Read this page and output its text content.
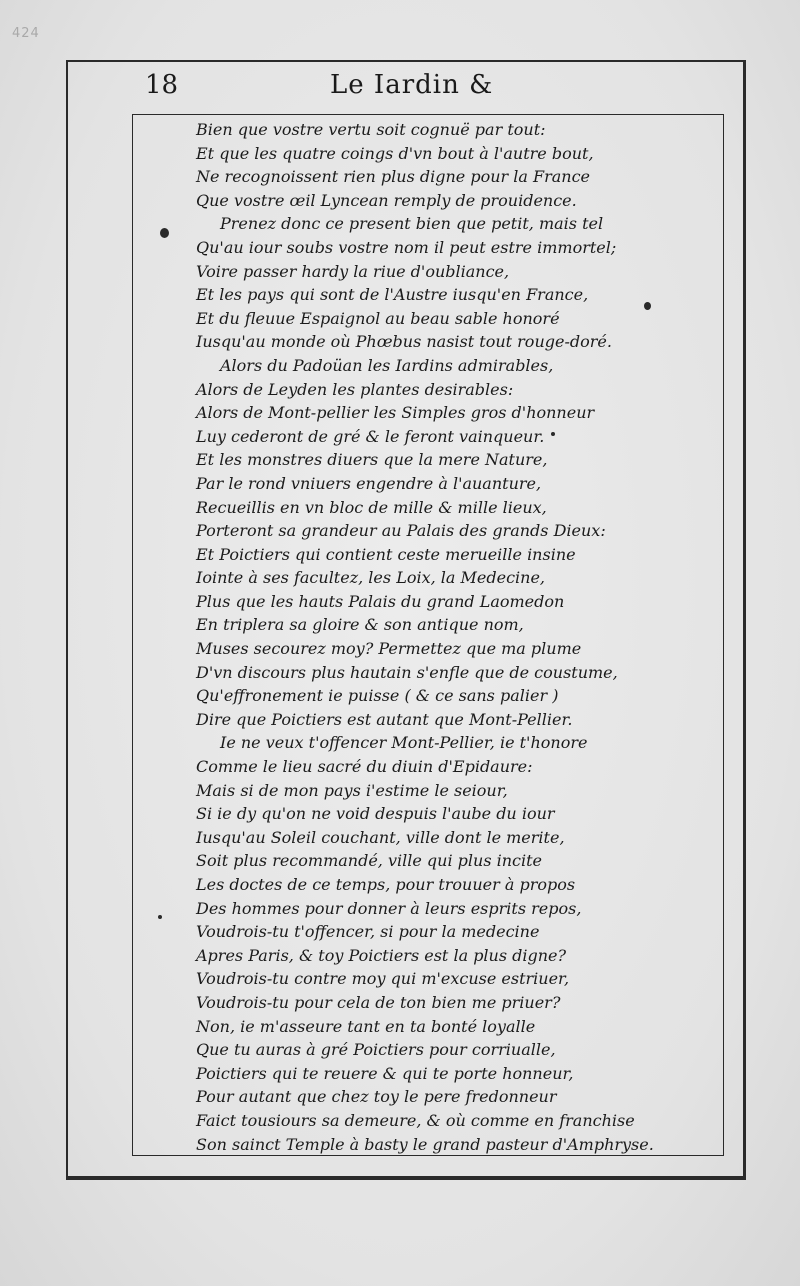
424
18	Le Iardin &
Bien que vostre vertu soit cognuë par tout:
Et que les quatre coings d'vn bout à l'autre bout,
Ne recognoissent rien plus digne pour la France
Que vostre œil Lyncean remply de prouidence.
Prenez donc ce present bien que petit, mais tel
Qu'au iour soubs vostre nom il peut estre immortel;
Voire passer hardy la riue d'oubliance,
Et les pays qui sont de l'Austre iusqu'en France,
Et du fleuue Espaignol au beau sable honoré
Iusqu'au monde où Phœbus nasist tout rouge-doré.
Alors du Padoüan les Iardins admirables,
Alors de Leyden les plantes desirables:
Alors de Mont-pellier les Simples gros d'honneur
Luy cederont de gré & le feront vainqueur.
Et les monstres diuers que la mere Nature,
Par le rond vniuers engendre à l'auanture,
Recueillis en vn bloc de mille & mille lieux,
Porteront sa grandeur au Palais des grands Dieux:
Et Poictiers qui contient ceste merueille insine
Iointe à ses facultez, les Loix, la Medecine,
Plus que les hauts Palais du grand Laomedon
En triplera sa gloire & son antique nom,
Muses secourez moy? Permettez que ma plume
D'vn discours plus hautain s'enfle que de coustume,
Qu'effronement ie puisse ( & ce sans palier )
Dire que Poictiers est autant que Mont-Pellier.
Ie ne veux t'offencer Mont-Pellier, ie t'honore
Comme le lieu sacré du diuin d'Epidaure:
Mais si de mon pays i'estime le seiour,
Si ie dy qu'on ne void despuis l'aube du iour
Iusqu'au Soleil couchant, ville dont le merite,
Soit plus recommandé, ville qui plus incite
Les doctes de ce temps, pour trouuer à propos
Des hommes pour donner à leurs esprits repos,
Voudrois-tu t'offencer, si pour la medecine
Apres Paris, & toy Poictiers est la plus digne?
Voudrois-tu contre moy qui m'excuse estriuer,
Voudrois-tu pour cela de ton bien me priuer?
Non, ie m'asseure tant en ta bonté loyalle
Que tu auras à gré Poictiers pour corriualle,
Poictiers qui te reuere & qui te porte honneur,
Pour autant que chez toy le pere fredonneur
Faict tousiours sa demeure, & où comme en franchise
Son sainct Temple à basty le grand pasteur d'Amphryse.
